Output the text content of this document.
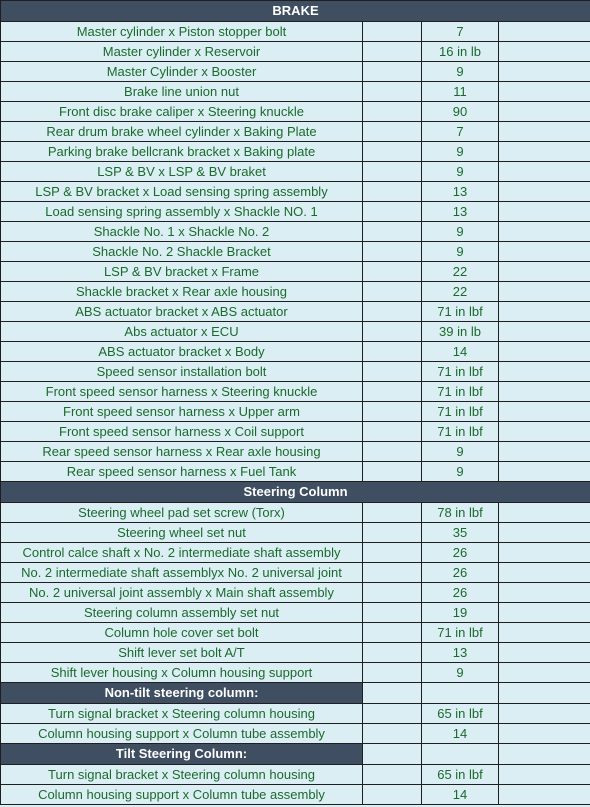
BRAKE			
Master cylinder x Piston stopper bolt		7	
Master cylinder x Reservoir		16 in lb	
Master Cylinder x Booster		9	
Brake line union nut		11	
Front disc brake caliper x Steering knuckle		90	
Rear drum brake wheel cylinder x Baking Plate		7	
Parking brake bellcrank bracket x Baking plate		9	
LSP & BV x LSP & BV braket		9	
LSP & BV bracket x Load sensing spring assembly		13	
Load sensing spring assembly x Shackle NO. 1		13	
Shackle No. 1 x Shackle No. 2		9	
Shackle No. 2 Shackle Bracket		9	
LSP & BV bracket x Frame		22	
Shackle bracket x Rear axle housing		22	
ABS actuator bracket x ABS actuator		71 in lbf	
Abs actuator x ECU		39 in lb	
ABS actuator bracket x Body		14	
Speed sensor installation bolt		71 in lbf	
Front speed sensor harness x Steering knuckle		71 in lbf	
Front speed sensor harness x Upper arm		71 in lbf	
Front speed sensor harness x Coil support		71 in lbf	
Rear speed sensor harness x Rear axle housing		9	
Rear speed sensor harness x Fuel Tank		9	
Steering Column			
Steering wheel pad set screw (Torx)		78 in lbf	
Steering wheel set nut		35	
Control calce shaft x No. 2 intermediate shaft assembly		26	
No. 2 intermediate shaft assemblyx No. 2 universal joint		26	
No. 2 universal joint assembly x Main shaft assembly		26	
Steering column assembly set nut		19	
Column hole cover set bolt		71 in lbf	
Shift lever set bolt A/T		13	
Shift lever housing x Column housing support		9	
Non-tilt steering column:			
Turn signal bracket x Steering column housing		65 in lbf	
Column housing support x Column tube assembly		14	
Tilt Steering Column:			
Turn signal bracket x Steering column housing		65 in lbf	
Column housing support x Column tube assembly		14	
